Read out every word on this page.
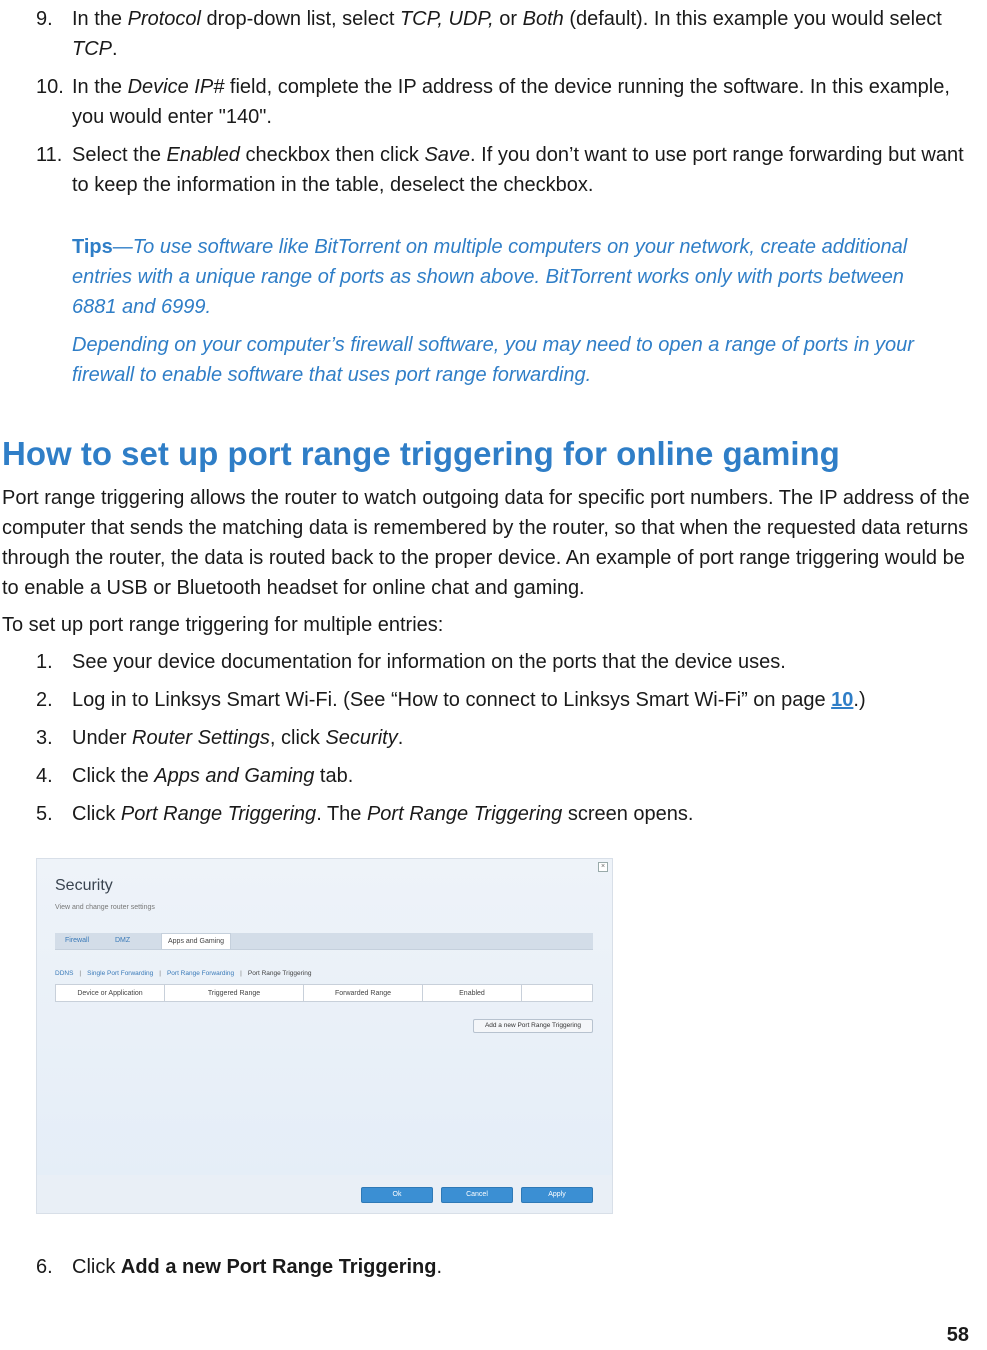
9. In the Protocol drop-down list, select TCP, UDP, or Both (default). In this example you would select TCP.
10. In the Device IP# field, complete the IP address of the device running the software. In this example, you would enter "140".
11. Select the Enabled checkbox then click Save. If you don’t want to use port range forwarding but want to keep the information in the table, deselect the checkbox.

Tips—To use software like BitTorrent on multiple computers on your network, create additional entries with a unique range of ports as shown above. BitTorrent works only with ports between 6881 and 6999.

Depending on your computer’s firewall software, you may need to open a range of ports in your firewall to enable software that uses port range forwarding.

How to set up port range triggering for online gaming

Port range triggering allows the router to watch outgoing data for specific port numbers. The IP address of the computer that sends the matching data is remembered by the router, so that when the requested data returns through the router, the data is routed back to the proper device. An example of port range triggering would be to enable a USB or Bluetooth headset for online chat and gaming.

To set up port range triggering for multiple entries:

1. See your device documentation for information on the ports that the device uses.
2. Log in to Linksys Smart Wi-Fi. (See “How to connect to Linksys Smart Wi-Fi” on page 10.)
3. Under Router Settings, click Security.
4. Click the Apps and Gaming tab.
5. Click Port Range Triggering. The Port Range Triggering screen opens.
×
Security
View and change router settings
Firewall	DMZ	Apps and Gaming
DDNS | Single Port Forwarding | Port Range Forwarding | Port Range Triggering
Device or Application	Triggered Range	Forwarded Range	Enabled	
Add a new Port Range Triggering
Ok	Cancel	Apply
6. Click Add a new Port Range Triggering.
58
